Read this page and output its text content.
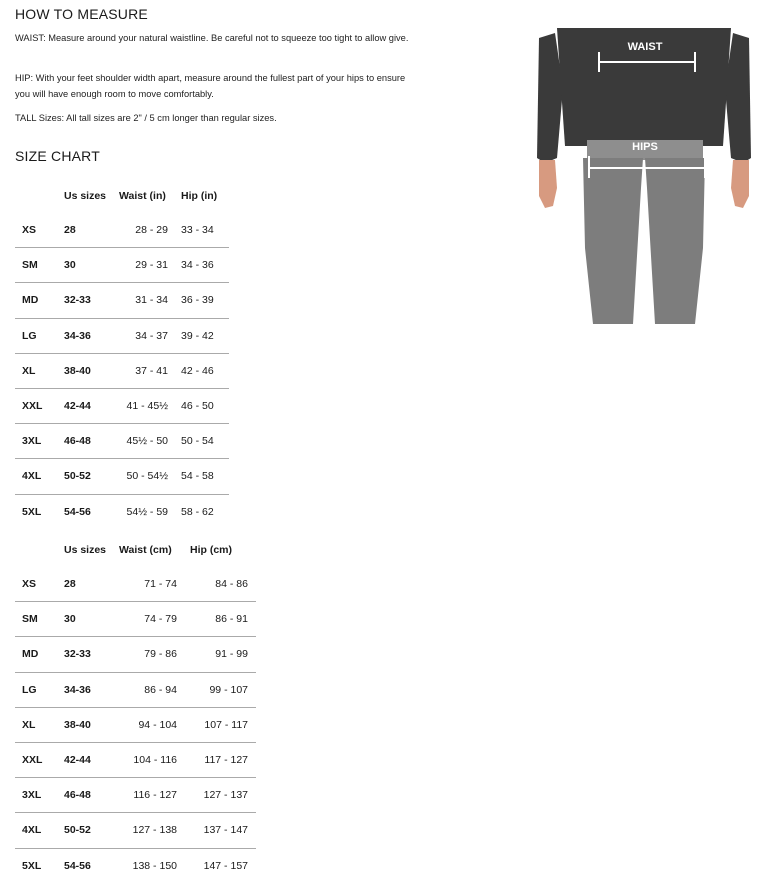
HOW TO MEASURE

WAIST: Measure around your natural waistline. Be careful not to squeeze too tight to allow give.

HIP: With your feet shoulder width apart, measure around the fullest part of your hips to ensure you will have enough room to move comfortably.

TALL Sizes: All tall sizes are 2" / 5 cm longer than regular sizes.

SIZE CHART
	Us sizes	Waist (in)	Hip (in)
XS	28	28 - 29	33 - 34
SM	30	29 - 31	34 - 36
MD	32-33	31 - 34	36 - 39
LG	34-36	34 - 37	39 - 42
XL	38-40	37 - 41	42 - 46
XXL	42-44	41 - 45½	46 - 50
3XL	46-48	45½ - 50	50 - 54
4XL	50-52	50 - 54½	54 - 58
5XL	54-56	54½ - 59	58 - 62
	Us sizes	Waist (cm)	Hip (cm)
XS	28	71 - 74	84 - 86
SM	30	74 - 79	86 - 91
MD	32-33	79 - 86	91 - 99
LG	34-36	86 - 94	99 - 107
XL	38-40	94 - 104	107 - 117
XXL	42-44	104 - 116	117 - 127
3XL	46-48	116 - 127	127 - 137
4XL	50-52	127 - 138	137 - 147
5XL	54-56	138 - 150	147 - 157
WAIST
HIPS
